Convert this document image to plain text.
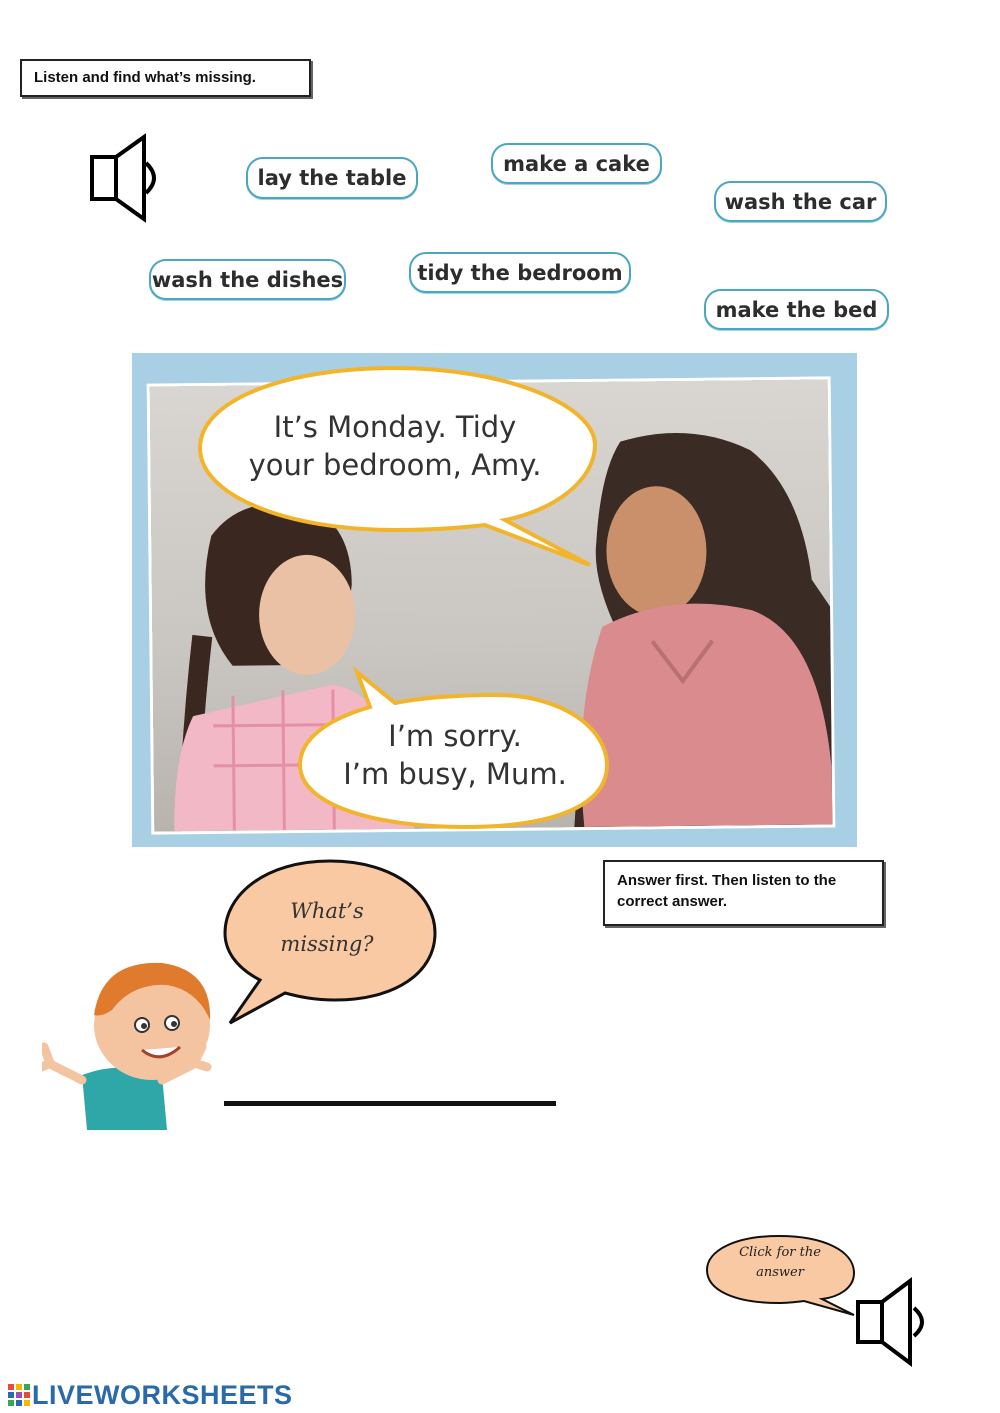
Listen and find what’s missing.
lay the table
make a cake
wash the car
wash the dishes	tidy the bedroom
make the bed
It’s Monday. Tidy
your bedroom, Amy.
I’m sorry.
I’m busy, Mum.
Answer first. Then listen to the correct answer.
What’s
missing?
Click for the
answer
LIVEWORKSHEETS
